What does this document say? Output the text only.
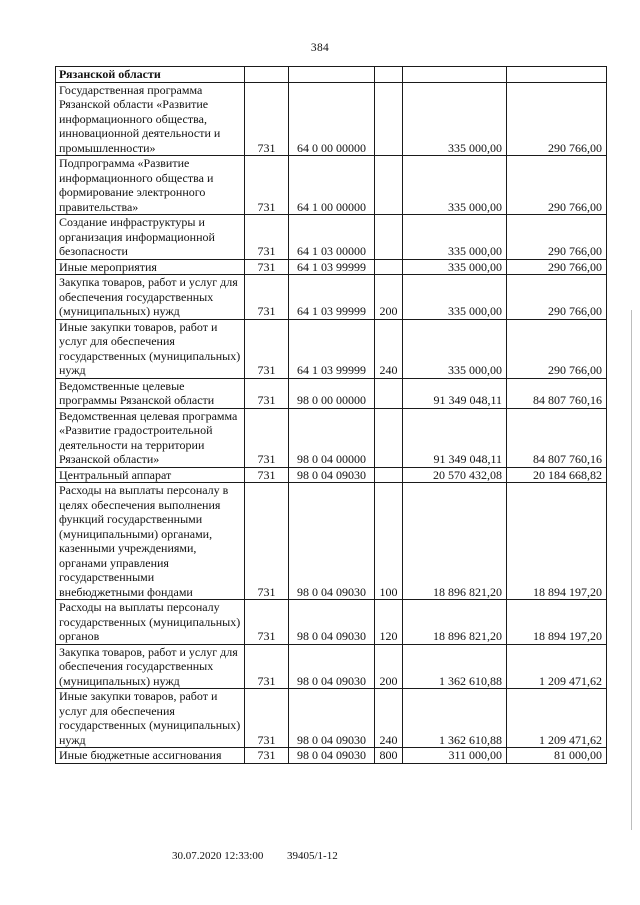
384
Рязанской области					
Государственная программа Рязанской области «Развитие информационного общества, инновационной деятельности и промышленности»	731	64 0 00 00000		335 000,00	290 766,00
Подпрограмма «Развитие информационного общества и формирование электронного правительства»	731	64 1 00 00000		335 000,00	290 766,00
Создание инфраструктуры и организация информационной безопасности	731	64 1 03 00000		335 000,00	290 766,00
Иные мероприятия	731	64 1 03 99999		335 000,00	290 766,00
Закупка товаров, работ и услуг для обеспечения государственных (муниципальных) нужд	731	64 1 03 99999	200	335 000,00	290 766,00
Иные закупки товаров, работ и услуг для обеспечения государственных (муниципальных) нужд	731	64 1 03 99999	240	335 000,00	290 766,00
Ведомственные целевые программы Рязанской области	731	98 0 00 00000		91 349 048,11	84 807 760,16
Ведомственная целевая программа «Развитие градостроительной деятельности на территории Рязанской области»	731	98 0 04 00000		91 349 048,11	84 807 760,16
Центральный аппарат	731	98 0 04 09030		20 570 432,08	20 184 668,82
Расходы на выплаты персоналу в целях обеспечения выполнения функций государственными (муниципальными) органами, казенными учреждениями, органами управления государственными внебюджетными фондами	731	98 0 04 09030	100	18 896 821,20	18 894 197,20
Расходы на выплаты персоналу государственных (муниципальных) органов	731	98 0 04 09030	120	18 896 821,20	18 894 197,20
Закупка товаров, работ и услуг для обеспечения государственных (муниципальных) нужд	731	98 0 04 09030	200	1 362 610,88	1 209 471,62
Иные закупки товаров, работ и услуг для обеспечения государственных (муниципальных) нужд	731	98 0 04 09030	240	1 362 610,88	1 209 471,62
Иные бюджетные ассигнования	731	98 0 04 09030	800	311 000,00	81 000,00
30.07.2020 12:33:00 39405/1-12
